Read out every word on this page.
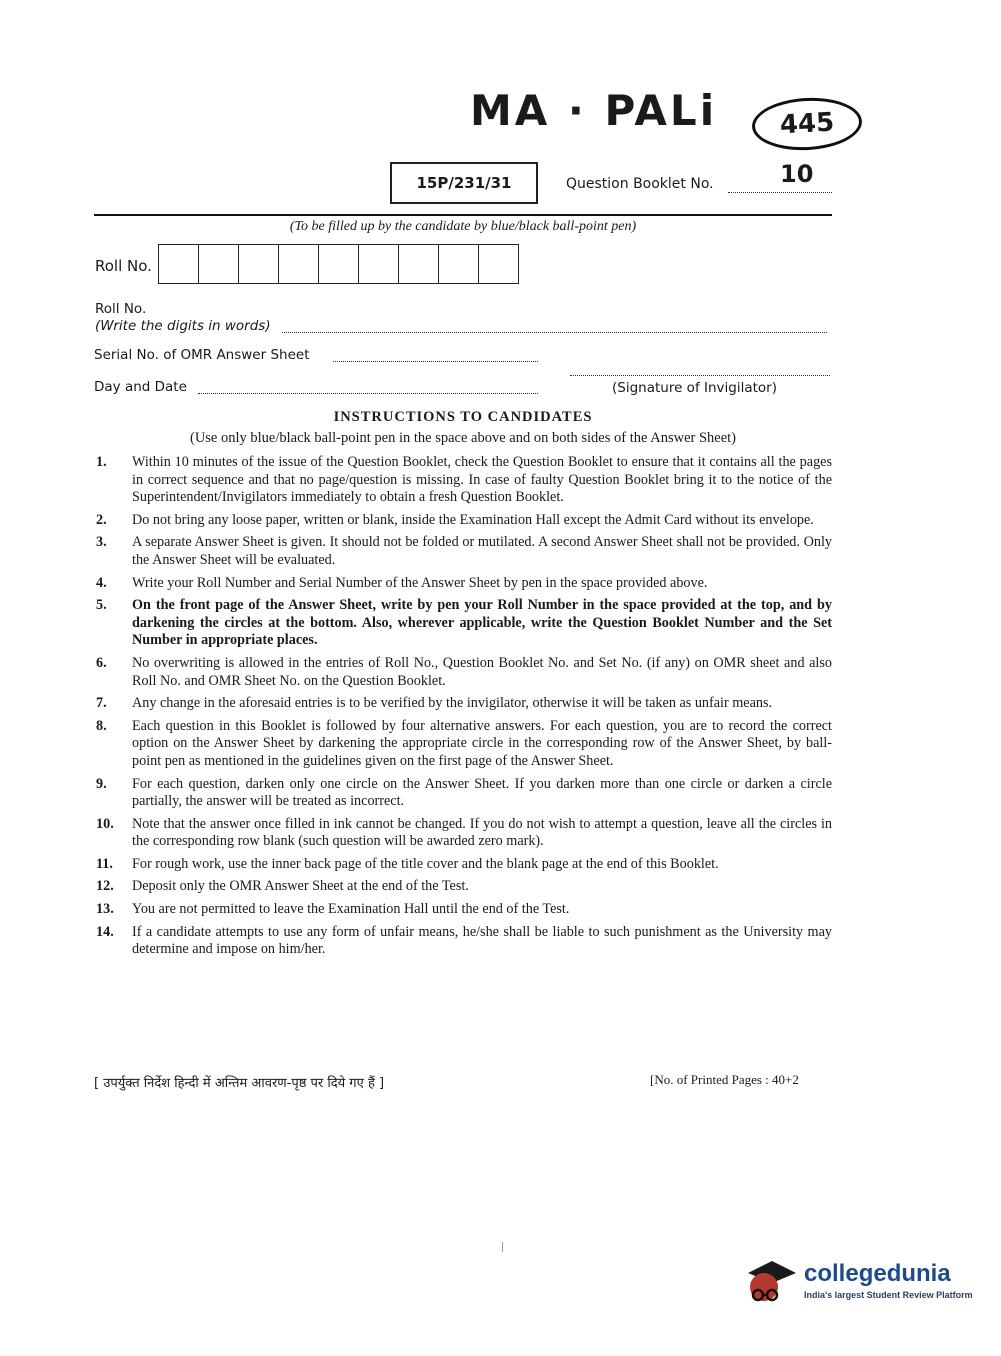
MA · PALi	445
15P/231/31	Question Booklet No.	10
(To be filled up by the candidate by blue/black ball-point pen)
Roll No.
Roll No.
(Write the digits in words)
Serial No. of OMR Answer Sheet
Day and Date	(Signature of Invigilator)
INSTRUCTIONS TO CANDIDATES
(Use only blue/black ball-point pen in the space above and on both sides of the Answer Sheet)
1.	Within 10 minutes of the issue of the Question Booklet, check the Question Booklet to ensure that it contains all the pages in correct sequence and that no page/question is missing. In case of faulty Question Booklet bring it to the notice of the Superintendent/Invigilators immediately to obtain a fresh Question Booklet.
2.	Do not bring any loose paper, written or blank, inside the Examination Hall except the Admit Card without its envelope.
3.	A separate Answer Sheet is given. It should not be folded or mutilated. A second Answer Sheet shall not be provided. Only the Answer Sheet will be evaluated.
4.	Write your Roll Number and Serial Number of the Answer Sheet by pen in the space provided above.
5.	On the front page of the Answer Sheet, write by pen your Roll Number in the space provided at the top, and by darkening the circles at the bottom. Also, wherever applicable, write the Question Booklet Number and the Set Number in appropriate places.
6.	No overwriting is allowed in the entries of Roll No., Question Booklet No. and Set No. (if any) on OMR sheet and also Roll No. and OMR Sheet No. on the Question Booklet.
7.	Any change in the aforesaid entries is to be verified by the invigilator, otherwise it will be taken as unfair means.
8.	Each question in this Booklet is followed by four alternative answers. For each question, you are to record the correct option on the Answer Sheet by darkening the appropriate circle in the corresponding row of the Answer Sheet, by ball-point pen as mentioned in the guidelines given on the first page of the Answer Sheet.
9.	For each question, darken only one circle on the Answer Sheet. If you darken more than one circle or darken a circle partially, the answer will be treated as incorrect.
10.	Note that the answer once filled in ink cannot be changed. If you do not wish to attempt a question, leave all the circles in the corresponding row blank (such question will be awarded zero mark).
11.	For rough work, use the inner back page of the title cover and the blank page at the end of this Booklet.
12.	Deposit only the OMR Answer Sheet at the end of the Test.
13.	You are not permitted to leave the Examination Hall until the end of the Test.
14.	If a candidate attempts to use any form of unfair means, he/she shall be liable to such punishment as the University may determine and impose on him/her.
[ उपर्युक्त निर्देश हिन्दी में अन्तिम आवरण-पृष्ठ पर दिये गए हैं ]	[No. of Printed Pages : 40+2
collegedunia
India's largest Student Review Platform
